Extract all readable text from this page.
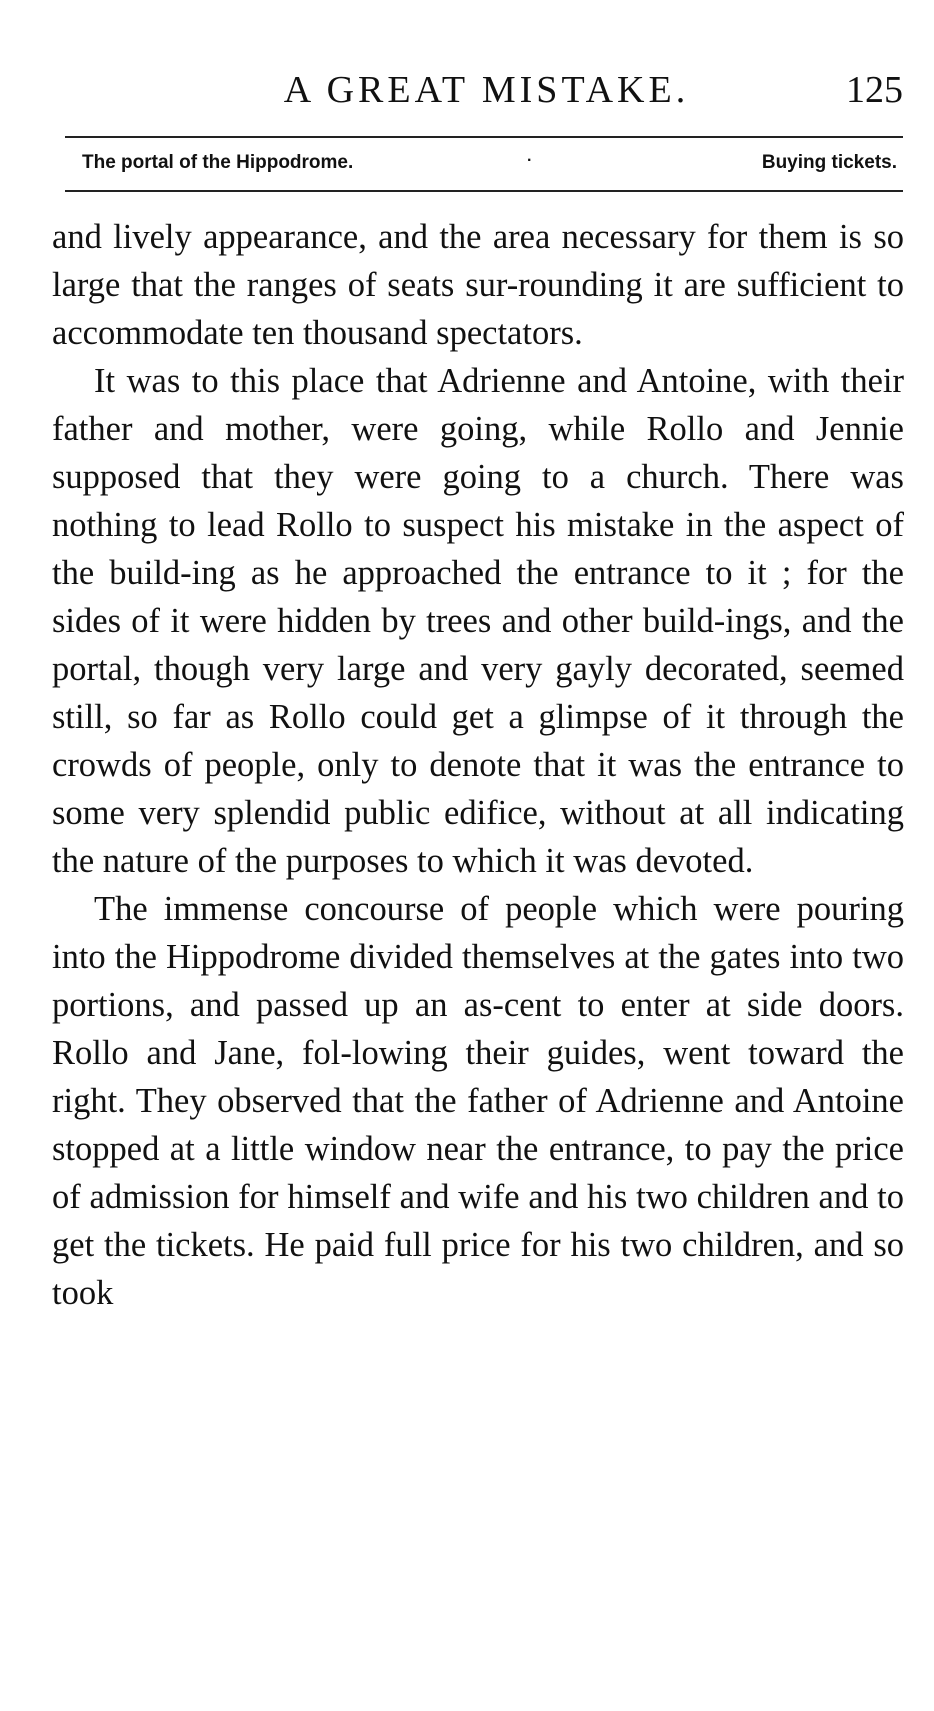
A GREAT MISTAKE.	125
The portal of the Hippodrome.	·	Buying tickets.

and lively appearance, and the area necessary for them is so large that the ranges of seats sur-rounding it are sufficient to accommodate ten thousand spectators.

It was to this place that Adrienne and Antoine, with their father and mother, were going, while Rollo and Jennie supposed that they were going to a church. There was nothing to lead Rollo to suspect his mistake in the aspect of the build-ing as he approached the entrance to it ; for the sides of it were hidden by trees and other build-ings, and the portal, though very large and very gayly decorated, seemed still, so far as Rollo could get a glimpse of it through the crowds of people, only to denote that it was the entrance to some very splendid public edifice, without at all indicating the nature of the purposes to which it was devoted.

The immense concourse of people which were pouring into the Hippodrome divided themselves at the gates into two portions, and passed up an as-cent to enter at side doors. Rollo and Jane, fol-lowing their guides, went toward the right. They observed that the father of Adrienne and Antoine stopped at a little window near the entrance, to pay the price of admission for himself and wife and his two children and to get the tickets. He paid full price for his two children, and so took
